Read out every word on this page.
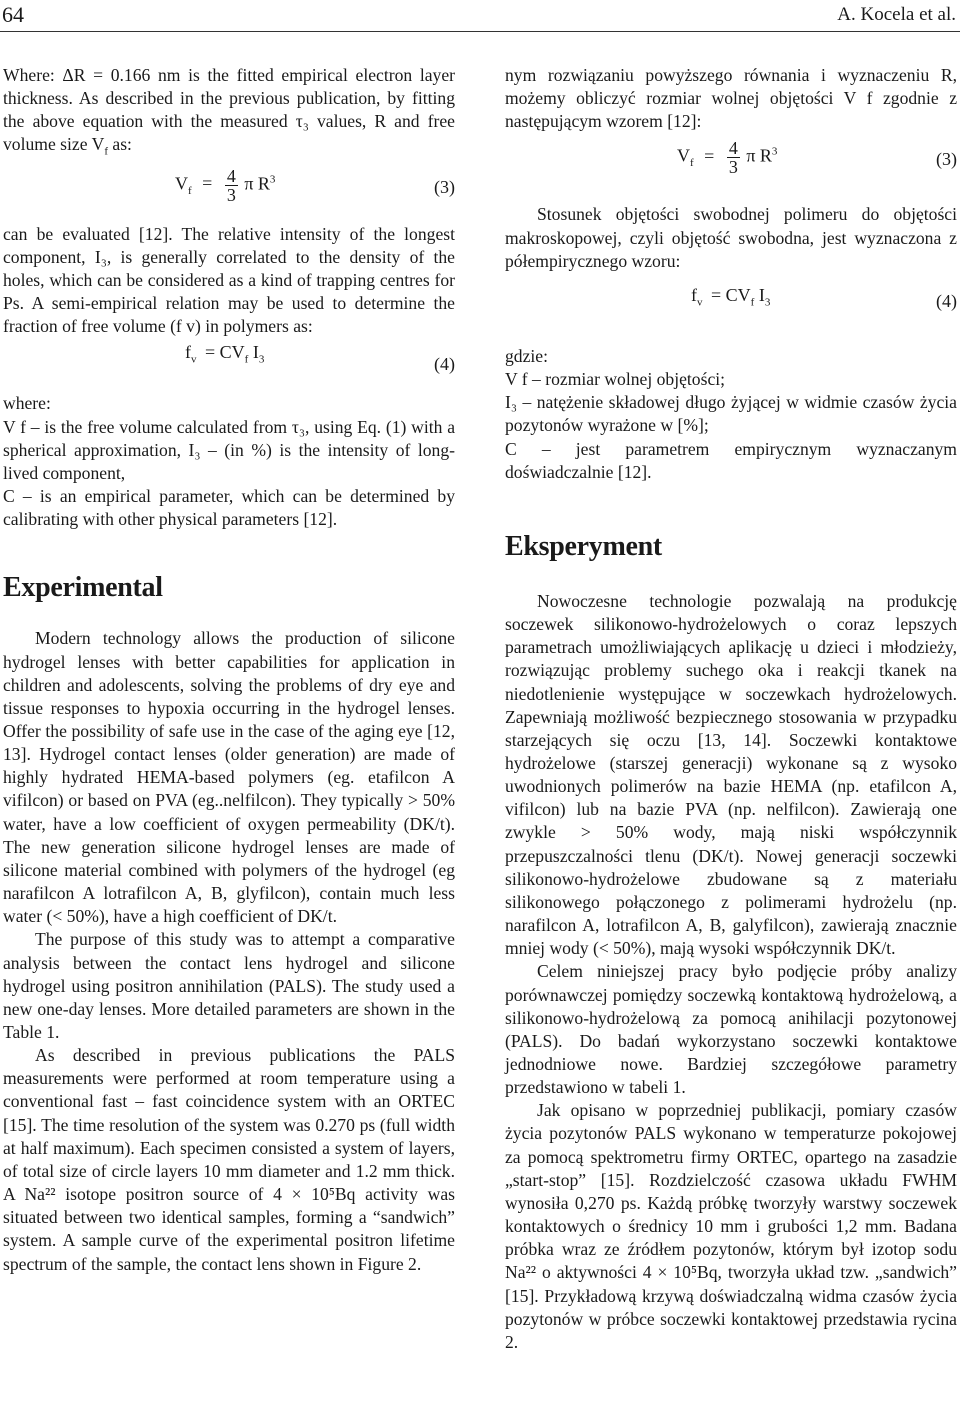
64	A. Kocela et al.

Where: ΔR = 0.166 nm is the fitted empirical electron layer thickness. As described in the previous publication, by fitting the above equation with the measured τ₃ values, R and free volume size $V_f$ as:

$V_f = \frac{4}{3}$ π $R^3$	(3)

can be evaluated [12]. The relative intensity of the longest component, I₃, is generally correlated to the density of the holes, which can be considered as a kind of trapping centres for Ps. A semi-empirical relation may be used to determine the fraction of free volume (f v) in polymers as:

$f_v = CV_f$ $I_3$	(4)

where:

V f – is the free volume calculated from τ₃, using Eq. (1) with a spherical approximation, I₃ – (in %) is the intensity of long-lived component,

C – is an empirical parameter, which can be determined by calibrating with other physical parameters [12].

Experimental

Modern technology allows the production of silicone hydrogel lenses with better capabilities for application in children and adolescents, solving the problems of dry eye and tissue responses to hypoxia occurring in the hydrogel lenses. Offer the possibility of safe use in the case of the aging eye [12, 13]. Hydrogel contact lenses (older generation) are made of highly hydrated HEMA-based polymers (eg. etafilcon A vifilcon) or based on PVA (eg..nelfilcon). They typically > 50% water, have a low coefficient of oxygen permeability (DK/t). The new generation silicone hydrogel lenses are made of silicone material combined with polymers of the hydrogel (eg narafilcon A lotrafilcon A, B, glyfilcon), contain much less water (< 50%), have a high coefficient of DK/t.

The purpose of this study was to attempt a comparative analysis between the contact lens hydrogel and silicone hydrogel using positron annihilation (PALS). The study used a new one-day lenses. More detailed parameters are shown in the Table 1.

As described in previous publications the PALS measurements were performed at room temperature using a conventional fast – fast coincidence system with an ORTEC [15]. The time resolution of the system was 0.270 ps (full width at half maximum). Each specimen consisted a system of layers, of total size of circle layers 10 mm diameter and 1.2 mm thick. A Na²² isotope positron source of 4 × 10⁵Bq activity was situated between two identical samples, forming a “sandwich” system. A sample curve of the experimental positron lifetime spectrum of the sample, the contact lens shown in Figure 2.

nym rozwiązaniu powyższego równania i wyznaczeniu R, możemy obliczyć rozmiar wolnej objętości V f zgodnie z następującym wzorem [12]:

$V_f = \frac{4}{3}$ π $R^3$	(3)

Stosunek objętości swobodnej polimeru do objętości makroskopowej, czyli objętość swobodna, jest wyznaczona z półempirycznego wzoru:

$f_v = CV_f$ $I_3$	(4)

gdzie:

V f – rozmiar wolnej objętości;

I₃ – natężenie składowej długo żyjącej w widmie czasów życia pozytonów wyrażone w [%];

C – jest parametrem empirycznym wyznaczanym doświadczalnie [12].

Eksperyment

Nowoczesne technologie pozwalają na produkcję soczewek silikonowo-hydrożelowych o coraz lepszych parametrach umożliwiających aplikację u dzieci i młodzieży, rozwiązując problemy suchego oka i reakcji tkanek na niedotlenienie występujące w soczewkach hydrożelowych. Zapewniają możliwość bezpiecznego stosowania w przypadku starzejących się oczu [13, 14]. Soczewki kontaktowe hydrożelowe (starszej generacji) wykonane są z wysoko uwodnionych polimerów na bazie HEMA (np. etafilcon A, vifilcon) lub na bazie PVA (np. nelfilcon). Zawierają one zwykle > 50% wody, mają niski współczynnik przepuszczalności tlenu (DK/t). Nowej generacji soczewki silikonowo-hydrożelowe zbudowane są z materiału silikonowego połączonego z polimerami hydrożelu (np. narafilcon A, lotrafilcon A, B, galyfilcon), zawierają znacznie mniej wody (< 50%), mają wysoki współczynnik DK/t.

Celem niniejszej pracy było podjęcie próby analizy porównawczej pomiędzy soczewką kontaktową hydrożelową, a silikonowo-hydrożelową za pomocą anihilacji pozytonowej (PALS). Do badań wykorzystano soczewki kontaktowe jednodniowe nowe. Bardziej szczegółowe parametry przedstawiono w tabeli 1.

Jak opisano w poprzedniej publikacji, pomiary czasów życia pozytonów PALS wykonano w temperaturze pokojowej za pomocą spektrometru firmy ORTEC, opartego na zasadzie „start-stop” [15]. Rozdzielczość czasowa układu FWHM wynosiła 0,270 ps. Każdą próbkę tworzyły warstwy soczewek kontaktowych o średnicy 10 mm i grubości 1,2 mm. Badana próbka wraz ze źródłem pozytonów, którym był izotop sodu Na²² o aktywności 4 × 10⁵Bq, tworzyła układ tzw. „sandwich” [15]. Przykładową krzywą doświadczalną widma czasów życia pozytonów w próbce soczewki kontaktowej przedstawia rycina 2.
